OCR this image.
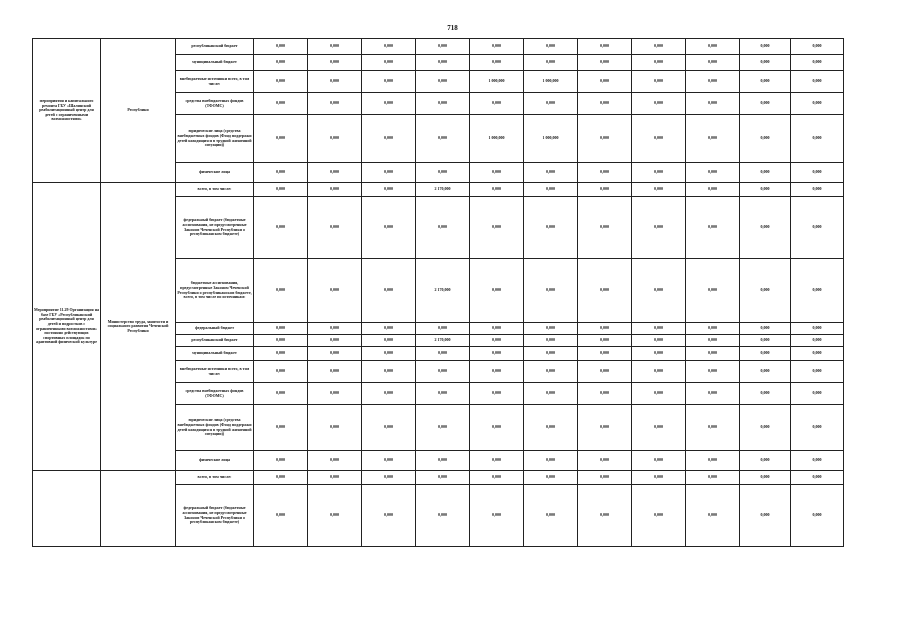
718
мероприятия и капитального ремонта ГБУ «Шалинский реабилитационный центр для детей с ограниченными возможностями»	Республики	республиканский бюджет	0,000	0,000	0,000	0,000	0,000	0,000	0,000	0,000	0,000	0,000	0,000
		муниципальный бюджет	0,000	0,000	0,000	0,000	0,000	0,000	0,000	0,000	0,000	0,000	0,000
		внебюджетные источники всего, в том числе:	0,000	0,000	0,000	0,000	1 000,000	1 000,000	0,000	0,000	0,000	0,000	0,000
		средства внебюджетных фондов (ТФОМС)	0,000	0,000	0,000	0,000	0,000	0,000	0,000	0,000	0,000	0,000	0,000
		юридические лица (средства внебюджетных фондов (Фонд поддержки детей находящихся в трудной жизненной ситуации))	0,000	0,000	0,000	0,000	1 000,000	1 000,000	0,000	0,000	0,000	0,000	0,000
		физические лица	0,000	0,000	0,000	0,000	0,000	0,000	0,000	0,000	0,000	0,000	0,000
Мероприятие 11.29 Организация на базе ГБУ «Республиканский реабилитационный центр для детей и подростков с ограниченными возможностями» постоянно действующих спортивных площадок по адаптивной физической культуре	Министерство труда, занятости и социального развития Чеченской Республики	всего, в том числе:	0,000	0,000	0,000	2 170,000	0,000	0,000	0,000	0,000	0,000	0,000	0,000
		федеральный бюджет (бюджетные ассигнования, не предусмотренные Законом Чеченской Республики о республиканском бюджете)	0,000	0,000	0,000	0,000	0,000	0,000	0,000	0,000	0,000	0,000	0,000
		бюджетные ассигнования, предусмотренные Законом Чеченской Республики о республиканском бюджете, всего, в том числе по источникам:	0,000	0,000	0,000	2 170,000	0,000	0,000	0,000	0,000	0,000	0,000	0,000
		федеральный бюджет	0,000	0,000	0,000	0,000	0,000	0,000	0,000	0,000	0,000	0,000	0,000
		республиканский бюджет	0,000	0,000	0,000	2 170,000	0,000	0,000	0,000	0,000	0,000	0,000	0,000
		муниципальный бюджет	0,000	0,000	0,000	0,000	0,000	0,000	0,000	0,000	0,000	0,000	0,000
		внебюджетные источники всего, в том числе:	0,000	0,000	0,000	0,000	0,000	0,000	0,000	0,000	0,000	0,000	0,000
		средства внебюджетных фондов (ТФОМС)	0,000	0,000	0,000	0,000	0,000	0,000	0,000	0,000	0,000	0,000	0,000
		юридические лица (средства внебюджетных фондов (Фонд поддержки детей находящихся в трудной жизненной ситуации))	0,000	0,000	0,000	0,000	0,000	0,000	0,000	0,000	0,000	0,000	0,000
		физические лица	0,000	0,000	0,000	0,000	0,000	0,000	0,000	0,000	0,000	0,000	0,000
		всего, в том числе:	0,000	0,000	0,000	0,000	0,000	0,000	0,000	0,000	0,000	0,000	0,000
		федеральный бюджет (бюджетные ассигнования, не предусмотренные Законом Чеченской Республики о республиканском бюджете)	0,000	0,000	0,000	0,000	0,000	0,000	0,000	0,000	0,000	0,000	0,000
